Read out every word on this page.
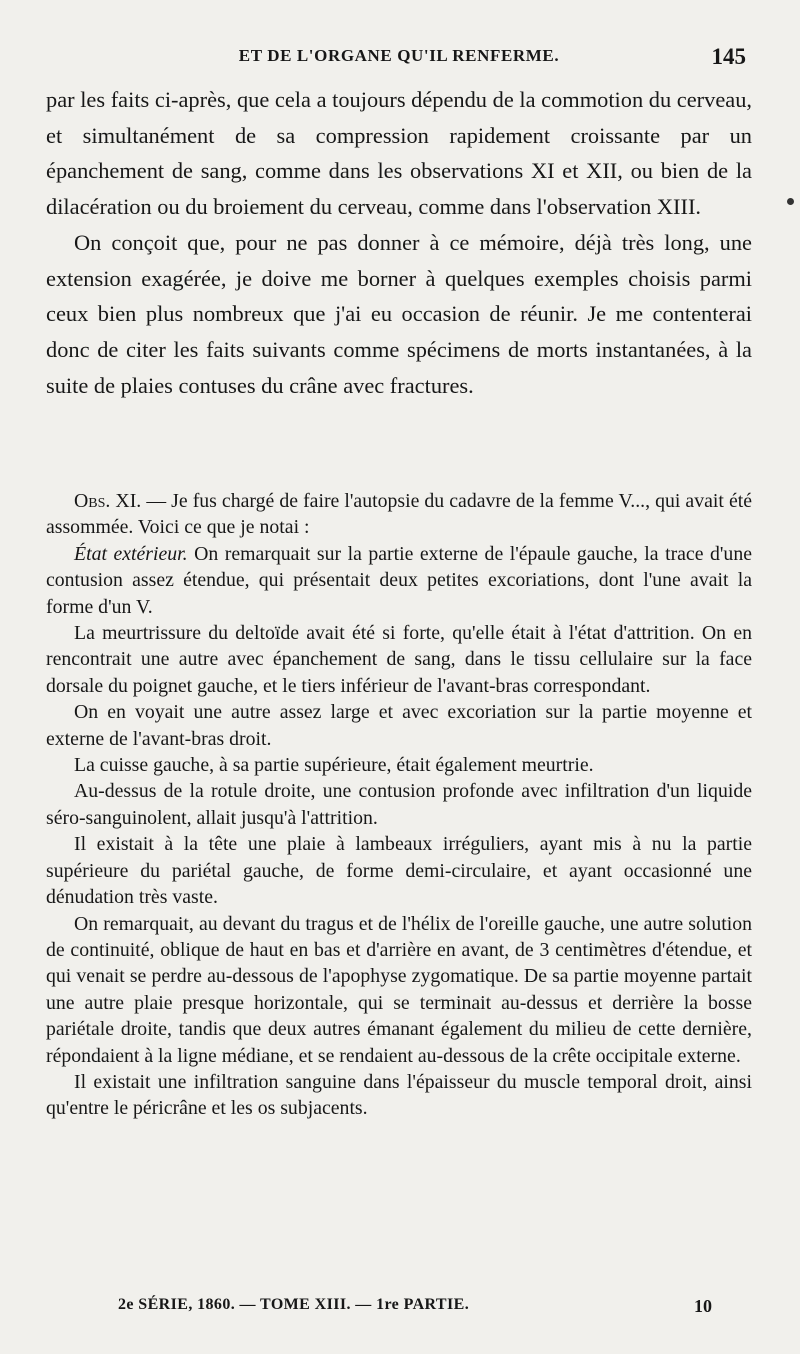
ET DE L'ORGANE QU'IL RENFERME.	145

par les faits ci-après, que cela a toujours dépendu de la commotion du cerveau, et simultanément de sa compression rapidement croissante par un épanchement de sang, comme dans les observations XI et XII, ou bien de la dilacération ou du broiement du cerveau, comme dans l'observation XIII.

On conçoit que, pour ne pas donner à ce mémoire, déjà très long, une extension exagérée, je doive me borner à quelques exemples choisis parmi ceux bien plus nombreux que j'ai eu occasion de réunir. Je me contenterai donc de citer les faits suivants comme spécimens de morts instantanées, à la suite de plaies contuses du crâne avec fractures.

Obs. XI. — Je fus chargé de faire l'autopsie du cadavre de la femme V..., qui avait été assommée. Voici ce que je notai :

État extérieur. On remarquait sur la partie externe de l'épaule gauche, la trace d'une contusion assez étendue, qui présentait deux petites excoriations, dont l'une avait la forme d'un V.

La meurtrissure du deltoïde avait été si forte, qu'elle était à l'état d'attrition. On en rencontrait une autre avec épanchement de sang, dans le tissu cellulaire sur la face dorsale du poignet gauche, et le tiers inférieur de l'avant-bras correspondant.

On en voyait une autre assez large et avec excoriation sur la partie moyenne et externe de l'avant-bras droit.

La cuisse gauche, à sa partie supérieure, était également meurtrie.

Au-dessus de la rotule droite, une contusion profonde avec infiltration d'un liquide séro-sanguinolent, allait jusqu'à l'attrition.

Il existait à la tête une plaie à lambeaux irréguliers, ayant mis à nu la partie supérieure du pariétal gauche, de forme demi-circulaire, et ayant occasionné une dénudation très vaste.

On remarquait, au devant du tragus et de l'hélix de l'oreille gauche, une autre solution de continuité, oblique de haut en bas et d'arrière en avant, de 3 centimètres d'étendue, et qui venait se perdre au-dessous de l'apophyse zygomatique. De sa partie moyenne partait une autre plaie presque horizontale, qui se terminait au-dessus et derrière la bosse pariétale droite, tandis que deux autres émanant également du milieu de cette dernière, répondaient à la ligne médiane, et se rendaient au-dessous de la crête occipitale externe.

Il existait une infiltration sanguine dans l'épaisseur du muscle temporal droit, ainsi qu'entre le péricrâne et les os subjacents.

2e SÉRIE, 1860. — TOME XIII. — 1re PARTIE.	10
